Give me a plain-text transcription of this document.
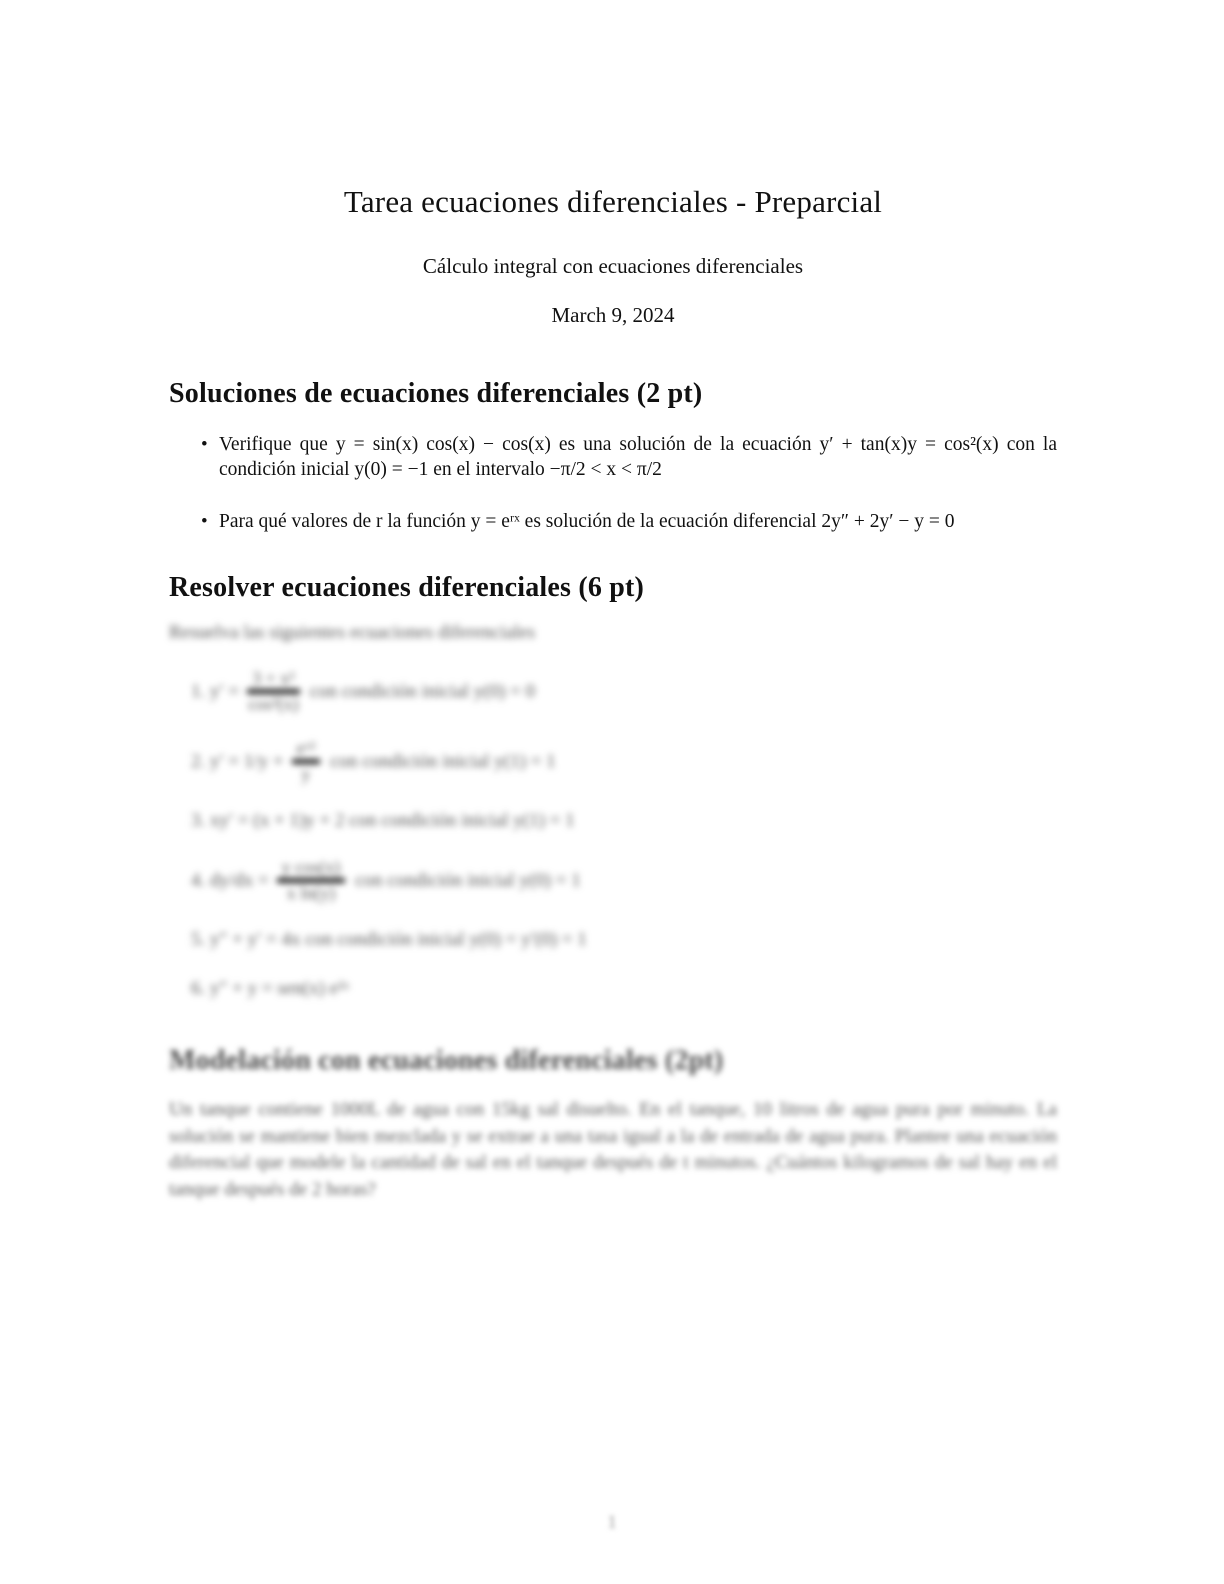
Tarea ecuaciones diferenciales - Preparcial
Cálculo integral con ecuaciones diferenciales
March 9, 2024
Soluciones de ecuaciones diferenciales (2 pt)
• Verifique que y = sin(x) cos(x) − cos(x) es una solución de la ecuación y′ + tan(x)y = cos²(x) con la condición inicial y(0) = −1 en el intervalo −π/2 < x < π/2
• Para qué valores de r la función y = eʳˣ es solución de la ecuación diferencial 2y″ + 2y′ − y = 0
Resolver ecuaciones diferenciales (6 pt)
Resuelva las siguientes ecuaciones diferenciales
1. $y' = \frac{\text{3 + x²}}{\text{cos²(x)}}$ con condición inicial y(0) = 0
2. $y' = 1/y + \frac{\text{eˣ²}}{y}$ con condición inicial y(1) = 1
3. xy′ = (x + 1)y + 2 con condición inicial y(1) = 1
4. $dy/dx = \frac{\text{y cos(x)}}{\text{x ln(y)}}$ con condición inicial y(0) = 1
5. y″ + y′ = 4x con condición inicial y(0) = y′(0) = 1
6. y″ + y = sen(x) e²ˣ
Modelación con ecuaciones diferenciales (2pt)
Un tanque contiene 1000L de agua con 15kg sal disuelto. En el tanque, 10 litros de agua pura por minuto. La solución se mantiene bien mezclada y se extrae a una tasa igual a la de entrada de agua pura. Plantee una ecuación diferencial que modele la cantidad de sal en el tanque después de t minutos. ¿Cuántos kilogramos de sal hay en el tanque después de 2 horas?
1
